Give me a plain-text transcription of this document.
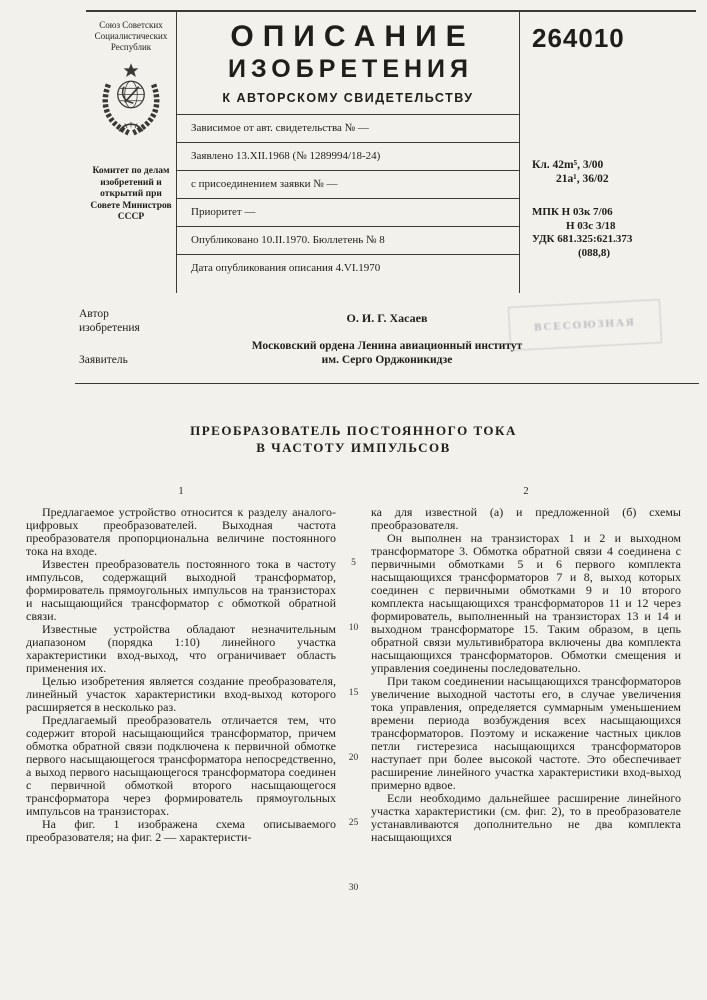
Союз Советских Социалистических Республик
Комитет по делам изобретений и открытий при Совете Министров СССР
ОПИСАНИЕ
ИЗОБРЕТЕНИЯ
К АВТОРСКОМУ СВИДЕТЕЛЬСТВУ
Зависимое от авт. свидетельства № —
Заявлено 13.XII.1968 (№ 1289994/18-24)
с присоединением заявки № —
Приоритет —
Опубликовано 10.II.1970. Бюллетень № 8
Дата опубликования описания 4.VI.1970
264010
Кл. 42m⁵, 3/00
21a¹, 36/02
МПК Н 03к 7/06
Н 03с 3/18
УДК 681.325:621.373
(088,8)
Автор изобретения
О. И. Г. Хасаев
Заявитель
Московский ордена Ленина авиационный институт
им. Серго Орджоникидзе
ВСЕСОЮЗНАЯ
ПРЕОБРАЗОВАТЕЛЬ ПОСТОЯННОГО ТОКА
В ЧАСТОТУ ИМПУЛЬСОВ
1	2

Предлагаемое устройство относится к разделу аналого-цифровых преобразователей. Выходная частота преобразователя пропорциональна величине постоянного тока на входе.

Известен преобразователь постоянного тока в частоту импульсов, содержащий выходной трансформатор, формирователь прямоугольных импульсов на транзисторах и насыщающийся трансформатор с обмоткой обратной связи.

Известные устройства обладают незначительным диапазоном (порядка 1:10) линейного участка характеристики вход-выход, что ограничивает область применения их.

Целью изобретения является создание преобразователя, линейный участок характеристики вход-выход которого расширяется в несколько раз.

Предлагаемый преобразователь отличается тем, что содержит второй насыщающийся трансформатор, причем обмотка обратной связи подключена к первичной обмотке первого насыщающегося трансформатора непосредственно, а выход первого насыщающегося трансформатора соединен с первичной обмоткой второго насыщающегося трансформатора через формирователь прямоугольных импульсов на транзисторах.

На фиг. 1 изображена схема описываемого преобразователя; на фиг. 2 — характеристи-

ка для известной (а) и предложенной (б) схемы преобразователя.

Он выполнен на транзисторах 1 и 2 и выходном трансформаторе 3. Обмотка обратной связи 4 соединена с первичными обмотками 5 и 6 первого комплекта насыщающихся трансформаторов 7 и 8, выход которых соединен с первичными обмотками 9 и 10 второго комплекта насыщающихся трансформаторов 11 и 12 через формирователь, выполненный на транзисторах 13 и 14 и выходном трансформаторе 15. Таким образом, в цепь обратной связи мультивибратора включены два комплекта насыщающихся трансформаторов. Обмотки смещения и управления соединены последовательно.

При таком соединении насыщающихся трансформаторов увеличение выходной частоты его, в случае увеличения тока управления, определяется суммарным уменьшением времени периода возбуждения всех насыщающихся трансформаторов. Поэтому и искажение частных циклов петли гистерезиса насыщающихся трансформаторов наступает при более высокой частоте. Это обеспечивает расширение линейного участка характеристики вход-выход примерно вдвое.

Если необходимо дальнейшее расширение линейного участка характеристики (см. фиг. 2), то в преобразователе устанавливаются дополнительно не два комплекта насыщающихся

5
10
15
20
25
30
